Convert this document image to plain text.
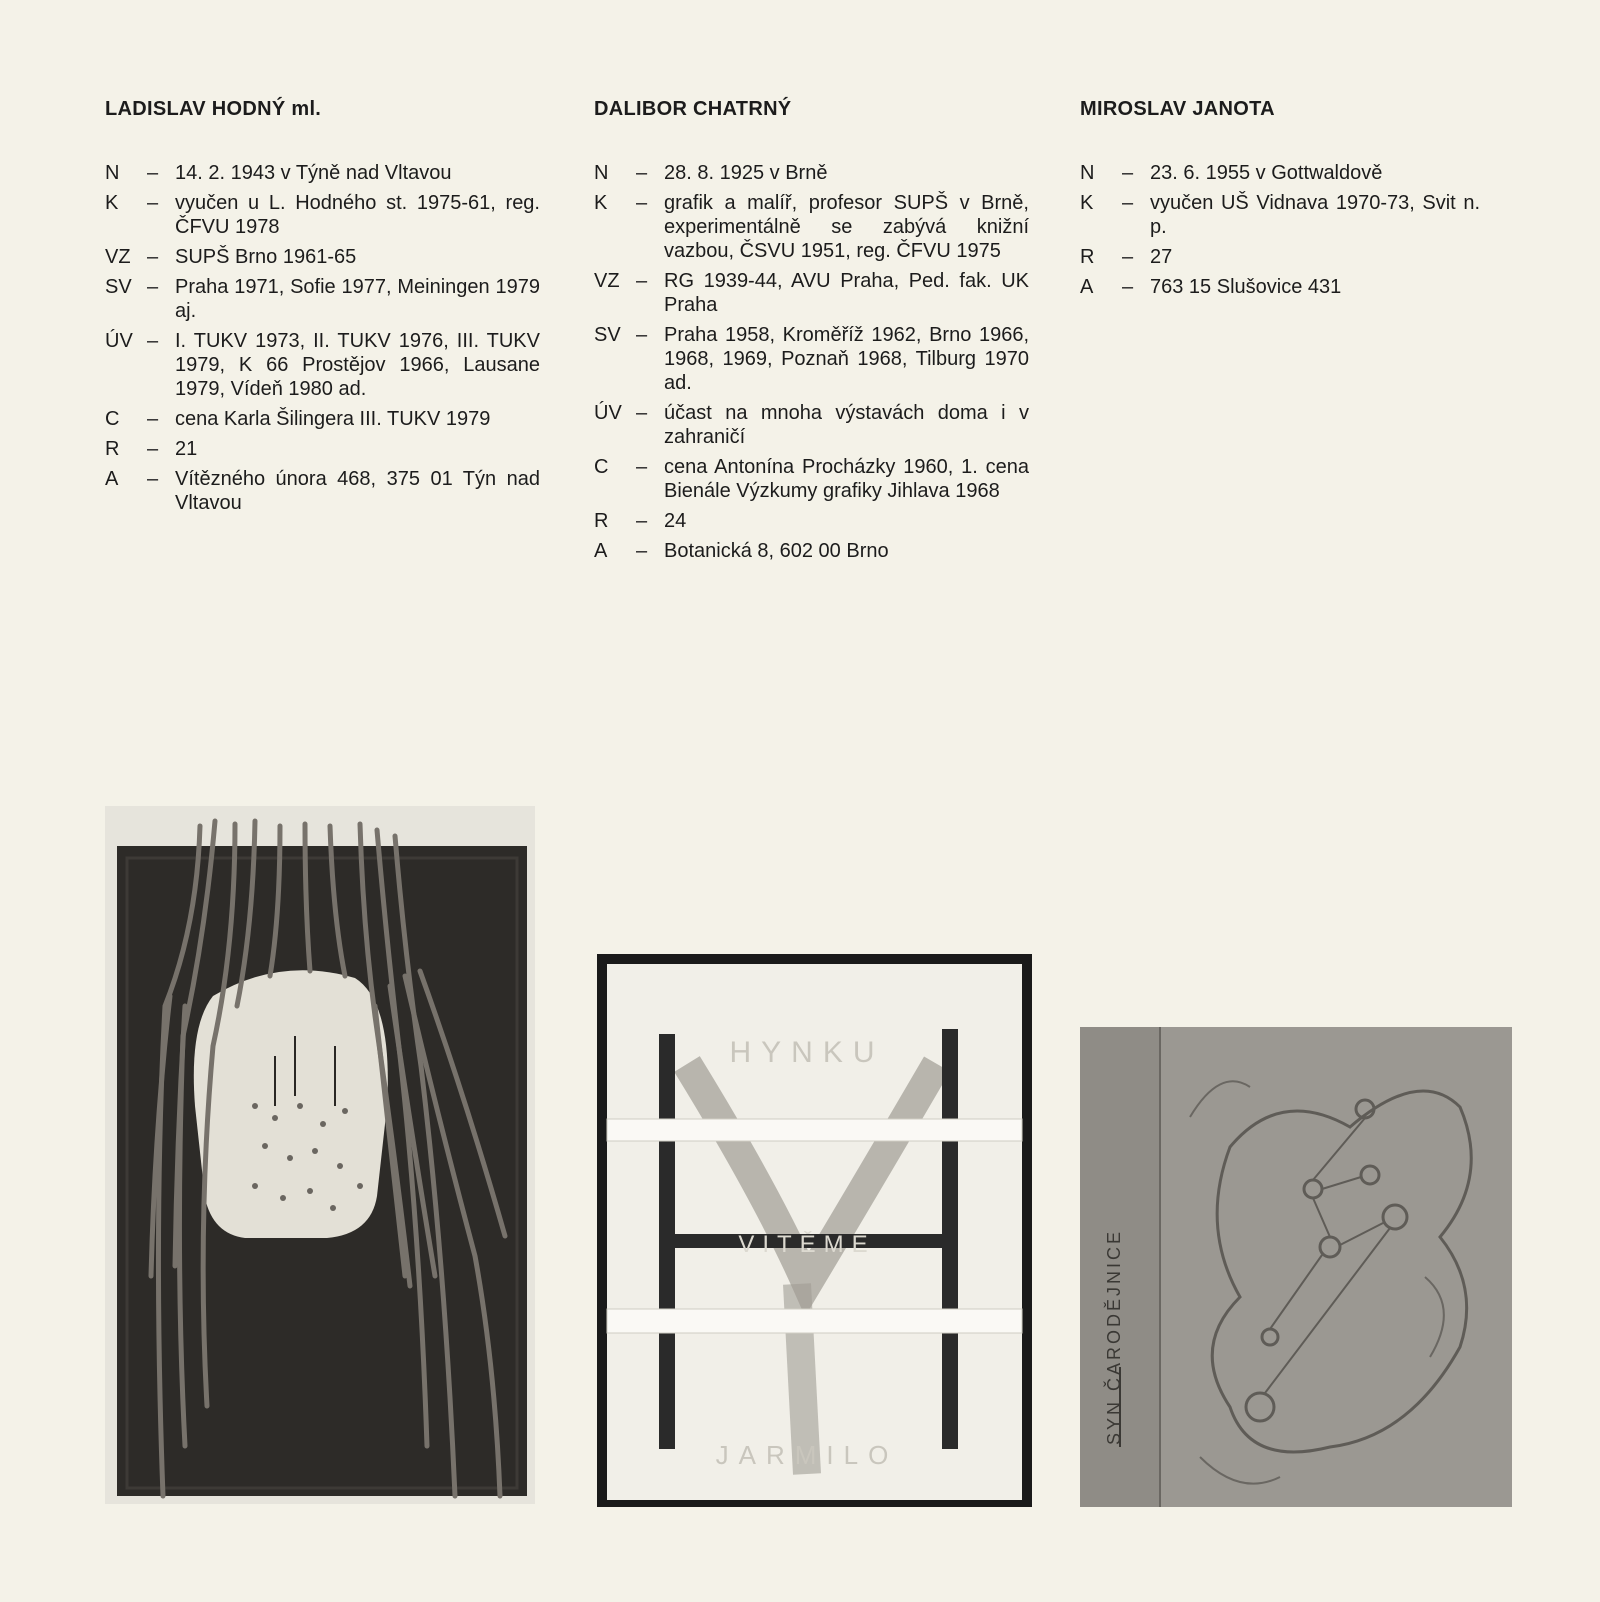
LADISLAV HODNÝ ml.
N	– 14. 2. 1943 v Týně nad Vltavou
K	– vyučen u L. Hodného st. 1975-61, reg. ČFVU 1978
VZ – SUPŠ Brno 1961-65
SV – Praha 1971, Sofie 1977, Meiningen 1979 aj.
ÚV – I. TUKV 1973, II. TUKV 1976, III. TUKV 1979, K 66 Prostějov 1966, Lausane 1979, Vídeň 1980 ad.
C	– cena Karla Šilingera III. TUKV 1979
R	– 21
A	– Vítězného února 468, 375 01 Týn nad Vltavou
DALIBOR CHATRNÝ
N	– 28. 8. 1925 v Brně
K	– grafik a malíř, profesor SUPŠ v Brně, experimentálně se zabývá knižní vazbou, ČSVU 1951, reg. ČFVU 1975
VZ – RG 1939-44, AVU Praha, Ped. fak. UK Praha
SV – Praha 1958, Kroměříž 1962, Brno 1966, 1968, 1969, Poznaň 1968, Tilburg 1970 ad.
ÚV – účast na mnoha výstavách doma i v zahraničí
C	– cena Antonína Procházky 1960, 1. cena Bienále Výzkumy grafiky Jihlava 1968
R	– 24
A	– Botanická 8, 602 00 Brno
MIROSLAV JANOTA
N	– 23. 6. 1955 v Gottwaldově
K	– vyučen UŠ Vidnava 1970-73, Svit n. p.
R	– 27
A	– 763 15 Slušovice 431
HYNKU
VITĚME
JARMILO
SYN ČARODĚJNICE
